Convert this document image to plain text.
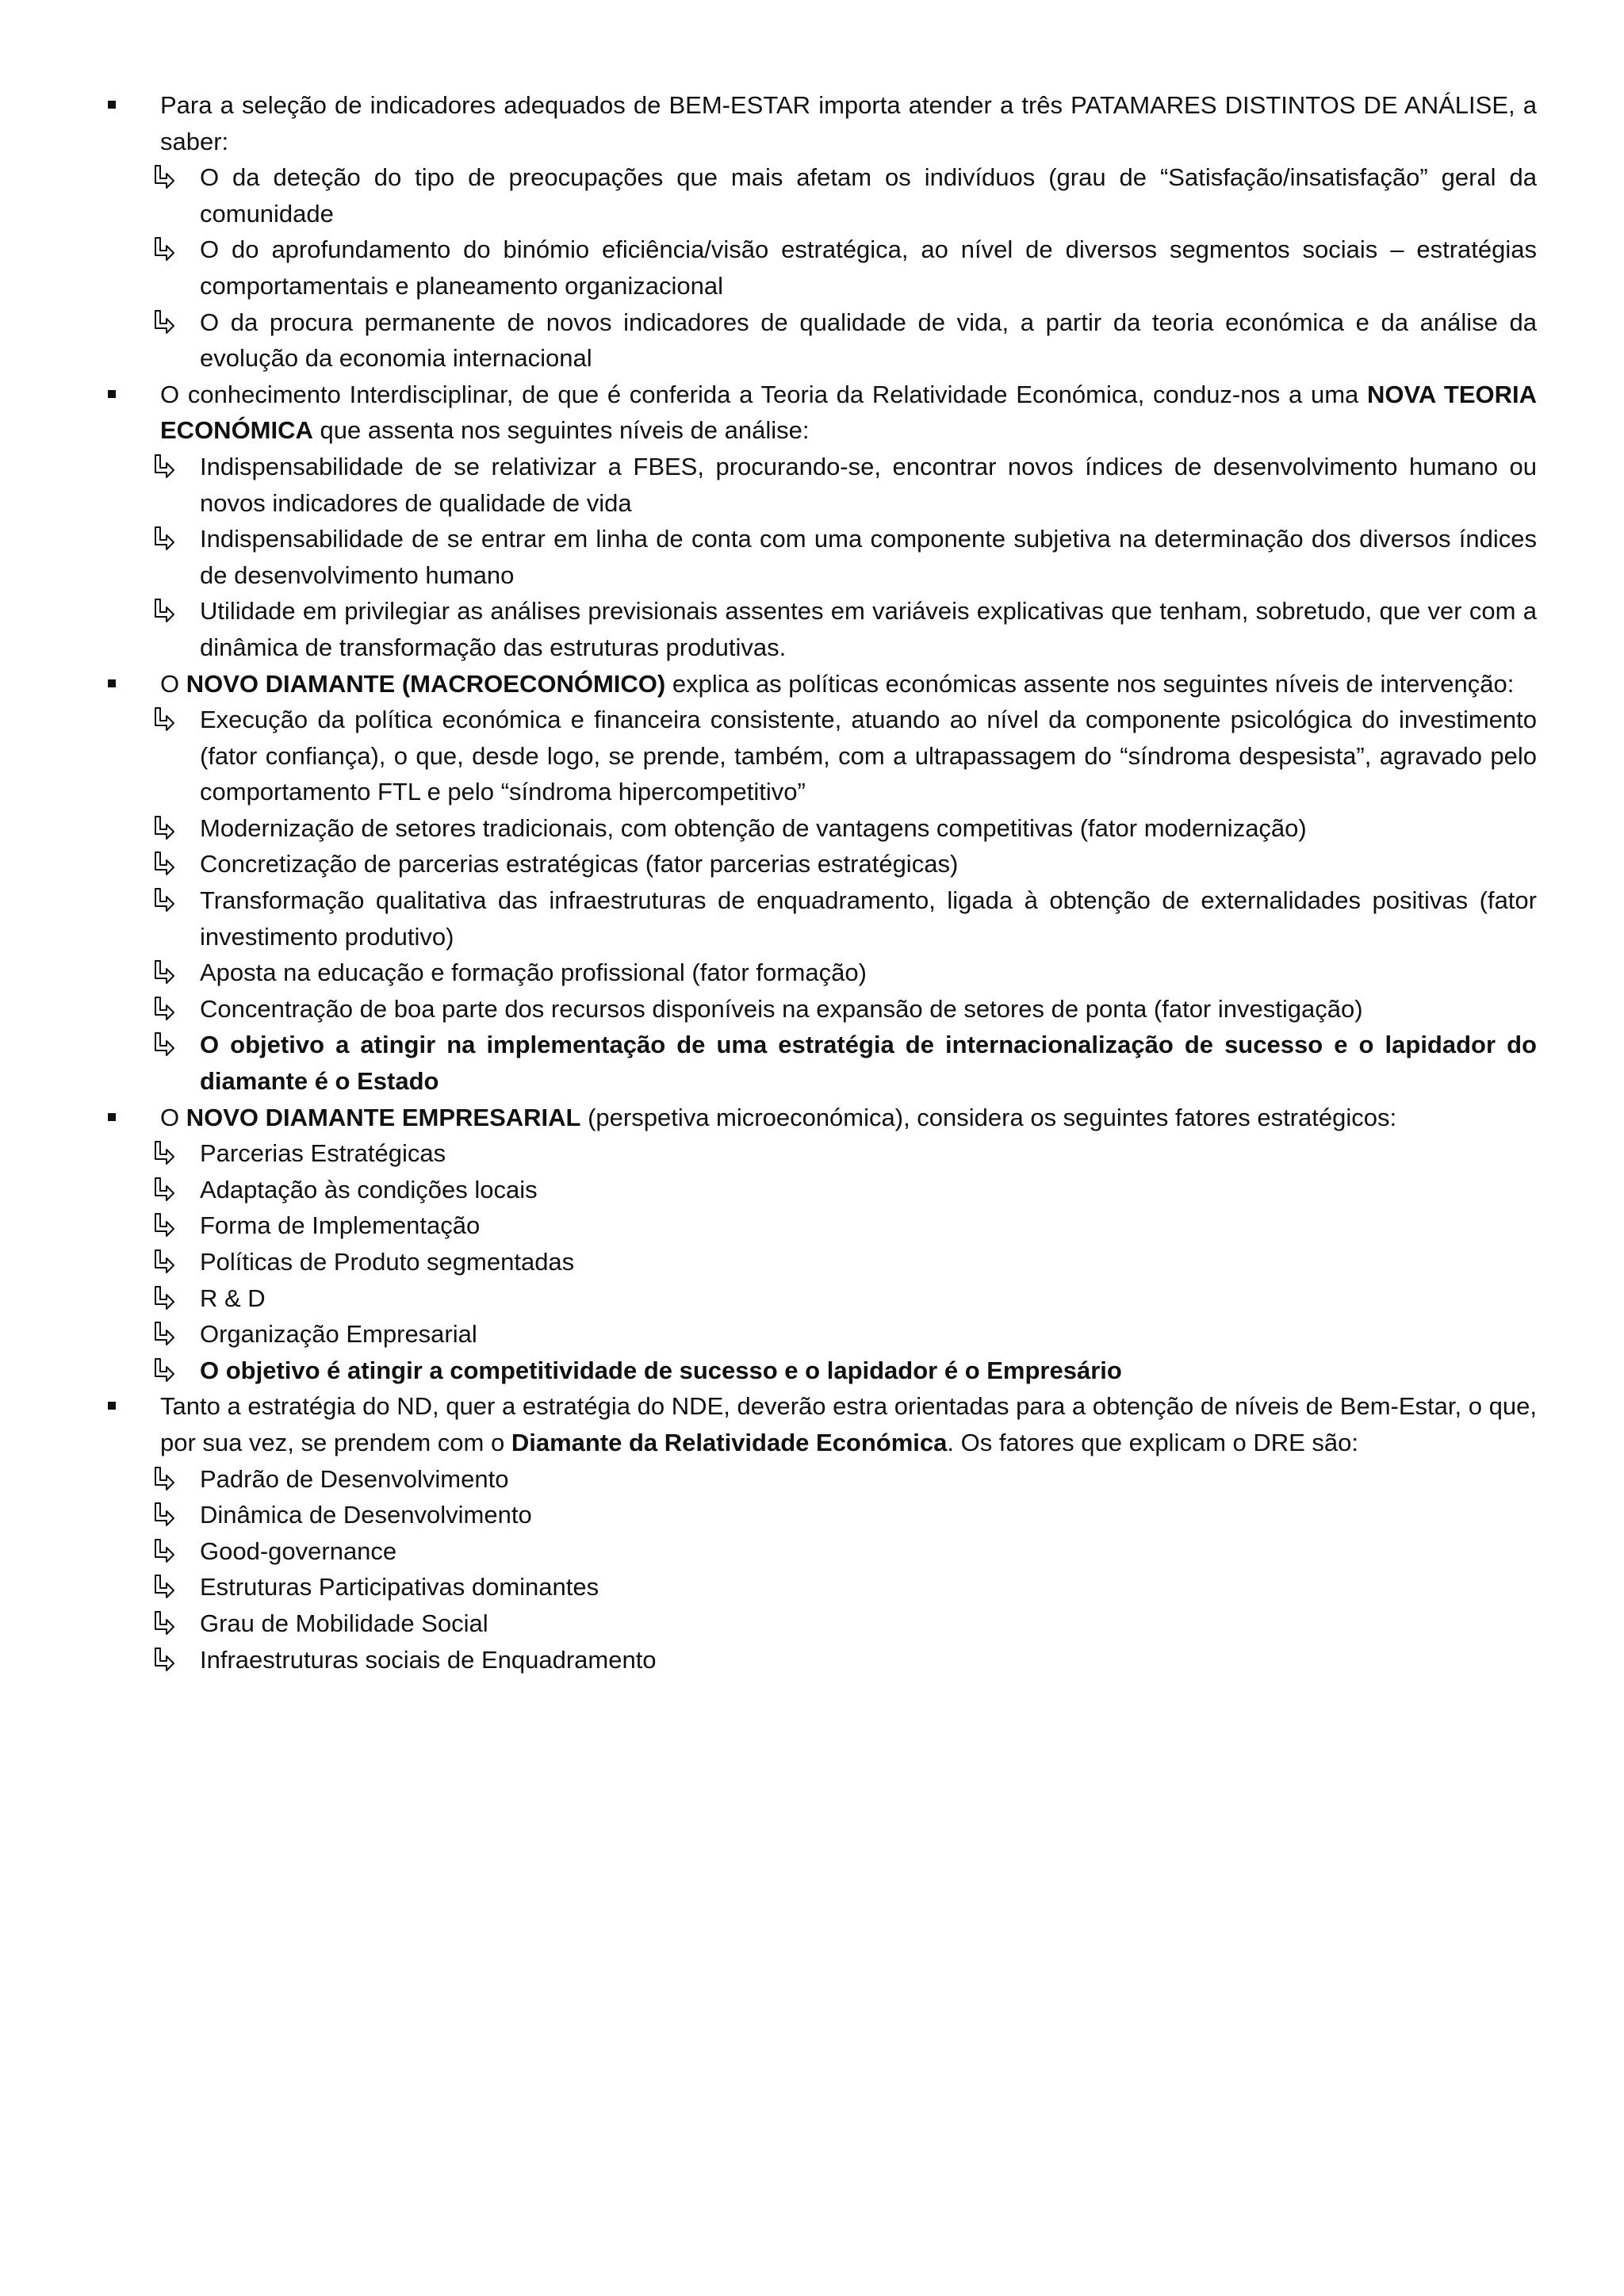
Para a seleção de indicadores adequados de BEM-ESTAR importa atender a três PATAMARES DISTINTOS DE ANÁLISE, a saber:
O da deteção do tipo de preocupações que mais afetam os indivíduos (grau de “Satisfação/insatisfação” geral da comunidade
O do aprofundamento do binómio eficiência/visão estratégica, ao nível de diversos segmentos sociais – estratégias comportamentais e planeamento organizacional
O da procura permanente de novos indicadores de qualidade de vida, a partir da teoria económica e da análise da evolução da economia internacional
O conhecimento Interdisciplinar, de que é conferida a Teoria da Relatividade Económica, conduz-nos a uma NOVA TEORIA ECONÓMICA que assenta nos seguintes níveis de análise:
Indispensabilidade de se relativizar a FBES, procurando-se, encontrar novos índices de desenvolvimento humano ou novos indicadores de qualidade de vida
Indispensabilidade de se entrar em linha de conta com uma componente subjetiva na determinação dos diversos índices de desenvolvimento humano
Utilidade em privilegiar as análises previsionais assentes em variáveis explicativas que tenham, sobretudo, que ver com a dinâmica de transformação das estruturas produtivas.
O NOVO DIAMANTE (MACROECONÓMICO) explica as políticas económicas assente nos seguintes níveis de intervenção:
Execução da política económica e financeira consistente, atuando ao nível da componente psicológica do investimento (fator confiança), o que, desde logo, se prende, também, com a ultrapassagem do “síndroma despesista”, agravado pelo comportamento FTL e pelo “síndroma hipercompetitivo”
Modernização de setores tradicionais, com obtenção de vantagens competitivas (fator modernização)
Concretização de parcerias estratégicas (fator parcerias estratégicas)
Transformação qualitativa das infraestruturas de enquadramento, ligada à obtenção de externalidades positivas (fator investimento produtivo)
Aposta na educação e formação profissional (fator formação)
Concentração de boa parte dos recursos disponíveis na expansão de setores de ponta (fator investigação)
O objetivo a atingir na implementação de uma estratégia de internacionalização de sucesso e o lapidador do diamante é o Estado
O NOVO DIAMANTE EMPRESARIAL (perspetiva microeconómica), considera os seguintes fatores estratégicos:
Parcerias Estratégicas
Adaptação às condições locais
Forma de Implementação
Políticas de Produto segmentadas
R & D
Organização Empresarial
O objetivo é atingir a competitividade de sucesso e o lapidador é o Empresário
Tanto a estratégia do ND, quer a estratégia do NDE, deverão estra orientadas para a obtenção de níveis de Bem-Estar, o que, por sua vez, se prendem com o Diamante da Relatividade Económica. Os fatores que explicam o DRE são:
Padrão de Desenvolvimento
Dinâmica de Desenvolvimento
Good-governance
Estruturas Participativas dominantes
Grau de Mobilidade Social
Infraestruturas sociais de Enquadramento
